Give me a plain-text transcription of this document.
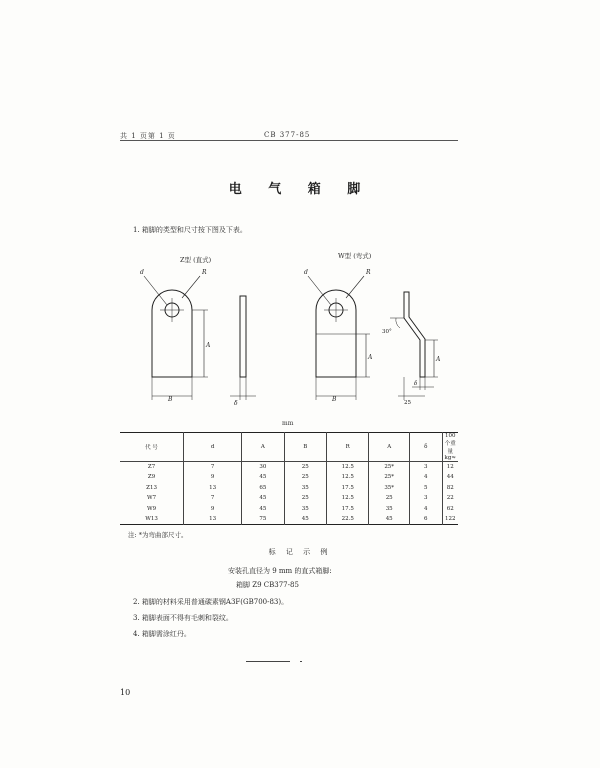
共 1 页第 1 页	CB 377-85
电 气 箱 脚
1. 箱脚的类型和尺寸按下图及下表。
Z型 (直式)
d	R
A
B
δ
W型 (弯式)
d	R
A
B
30°
A
δ
25
mm
代 号	d	A	B	R	A	δ	100个重量 kg≈
Z7	7	30	25	12.5	25*	3	12
Z9	9	45	25	12.5	25*	4	44
Z13	13	65	35	17.5	35*	5	82
W7	7	45	25	12.5	25	3	22
W9	9	45	35	17.5	35	4	62
W13	13	75	45	22.5	45	6	122
注: *为弯曲部尺寸。
标 记 示 例
安装孔直径为 9 mm 的直式箱脚:
箱脚 Z9 CB377-85
2. 箱脚的材料采用普通碳素钢A3F(GB700-83)。
3. 箱脚表面不得有毛刺和裂纹。
4. 箱脚需涂红丹。
10
